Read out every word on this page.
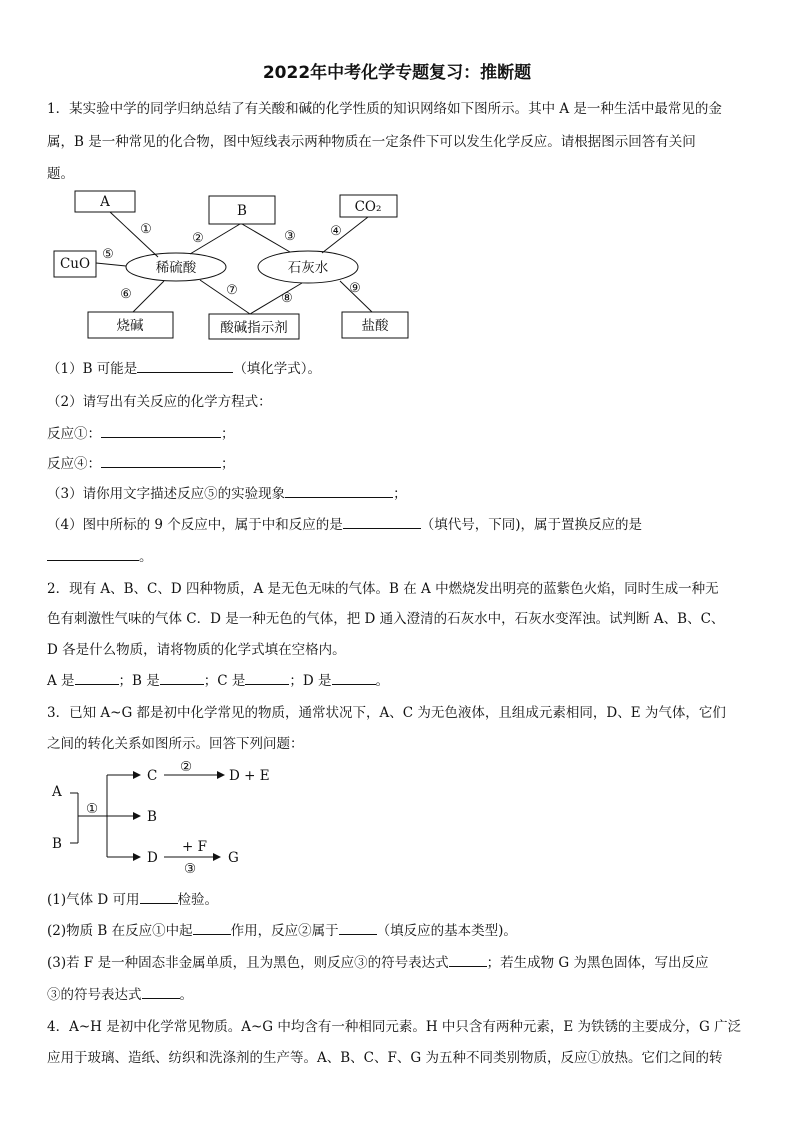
2022年中考化学专题复习：推断题
1．某实验中学的同学归纳总结了有关酸和碱的化学性质的知识网络如下图所示。其中 A 是一种生活中最常见的金
属，B 是一种常见的化合物，图中短线表示两种物质在一定条件下可以发生化学反应。请根据图示回答有关问
题。
A
B	CO₂
CuO
烧碱	酸碱指示剂	盐酸
稀硫酸	石灰水
①
②	③	④
⑤
⑥	⑦
⑧
⑨
（1）B 可能是	（填化学式）。
（2）请写出有关反应的化学方程式：
反应①：	；
反应④：	；
（3）请你用文字描述反应⑤的实验现象	；
（4）图中所标的 9 个反应中，属于中和反应的是	（填代号，下同)，属于置换反应的是
。
2．现有 A、B、C、D 四种物质，A 是无色无味的气体。B 在 A 中燃烧发出明亮的蓝紫色火焰，同时生成一种无
色有刺激性气味的气体 C．D 是一种无色的气体，把 D 通入澄清的石灰水中，石灰水变浑浊。试判断 A、B、C、
D 各是什么物质，请将物质的化学式填在空格内。
A 是	；B 是	；C 是	；D 是	。
3．已知 A~G 都是初中化学常见的物质，通常状况下，A、C 为无色液体，且组成元素相同，D、E 为气体，它们
之间的转化关系如图所示。回答下列问题：
A
B
①
C
②
D + E
B
D
+ F
③
G
(1)气体 D 可用	检验。
(2)物质 B 在反应①中起	作用，反应②属于	（填反应的基本类型)。
(3)若 F 是一种固态非金属单质，且为黑色，则反应③的符号表达式	；若生成物 G 为黑色固体，写出反应
③的符号表达式	。
4．A~H 是初中化学常见物质。A~G 中均含有一种相同元素。H 中只含有两种元素，E 为铁锈的主要成分，G 广泛
应用于玻璃、造纸、纺织和洗涤剂的生产等。A、B、C、F、G 为五种不同类别物质，反应①放热。它们之间的转
